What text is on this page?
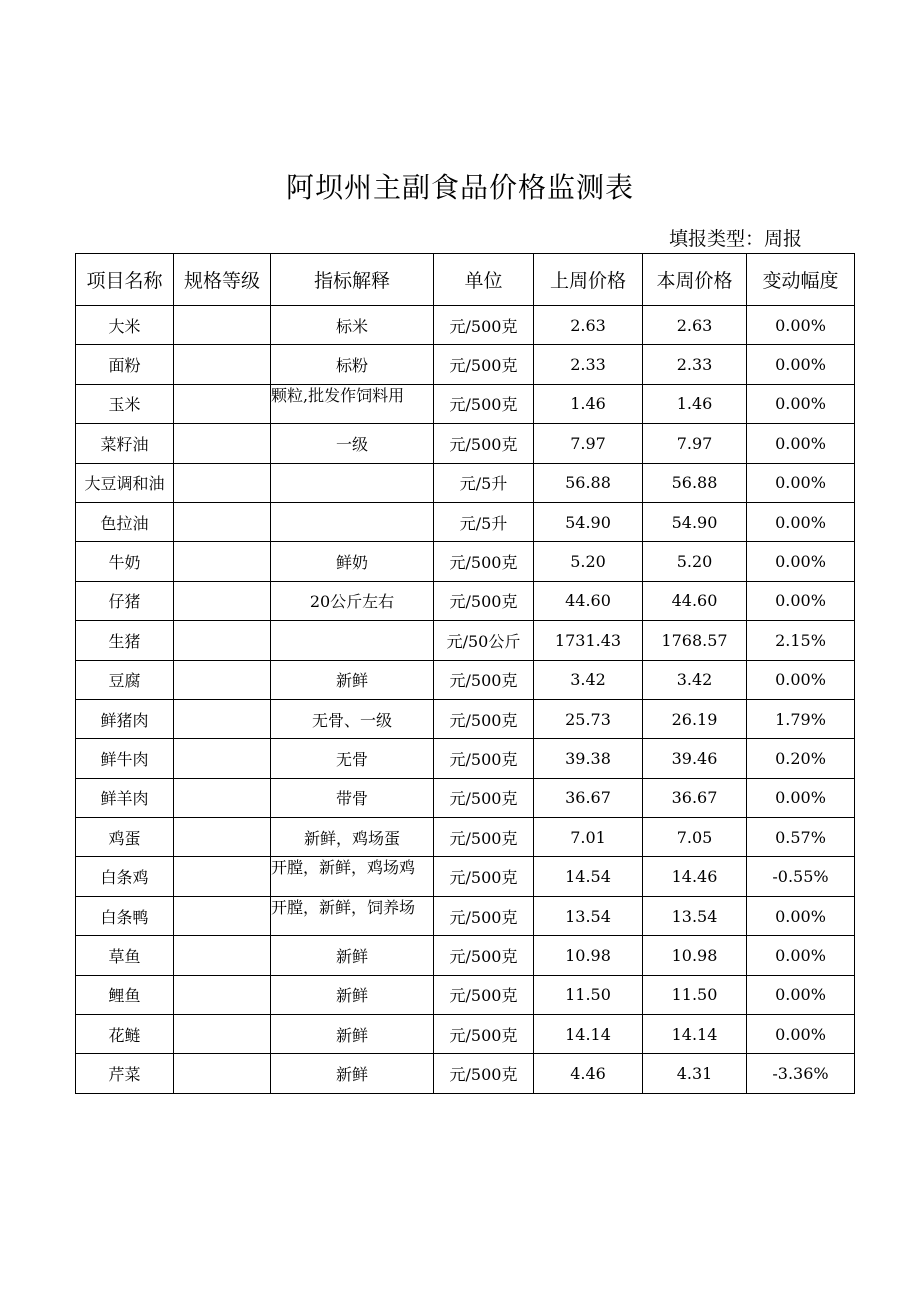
阿坝州主副食品价格监测表
填报类型：周报
项目名称	规格等级	指标解释	单位	上周价格	本周价格	变动幅度
大米		标米	元/500克	2.63	2.63	0.00%
面粉		标粉	元/500克	2.33	2.33	0.00%
玉米		颗粒,批发作饲料用	元/500克	1.46	1.46	0.00%
菜籽油		一级	元/500克	7.97	7.97	0.00%
大豆调和油			元/5升	56.88	56.88	0.00%
色拉油			元/5升	54.90	54.90	0.00%
牛奶		鲜奶	元/500克	5.20	5.20	0.00%
仔猪		20公斤左右	元/500克	44.60	44.60	0.00%
生猪			元/50公斤	1731.43	1768.57	2.15%
豆腐		新鲜	元/500克	3.42	3.42	0.00%
鲜猪肉		无骨、一级	元/500克	25.73	26.19	1.79%
鲜牛肉		无骨	元/500克	39.38	39.46	0.20%
鲜羊肉		带骨	元/500克	36.67	36.67	0.00%
鸡蛋		新鲜，鸡场蛋	元/500克	7.01	7.05	0.57%
白条鸡		开膛，新鲜，鸡场鸡	元/500克	14.54	14.46	-0.55%
白条鸭		开膛，新鲜，饲养场	元/500克	13.54	13.54	0.00%
草鱼		新鲜	元/500克	10.98	10.98	0.00%
鲤鱼		新鲜	元/500克	11.50	11.50	0.00%
花鲢		新鲜	元/500克	14.14	14.14	0.00%
芹菜		新鲜	元/500克	4.46	4.31	-3.36%
